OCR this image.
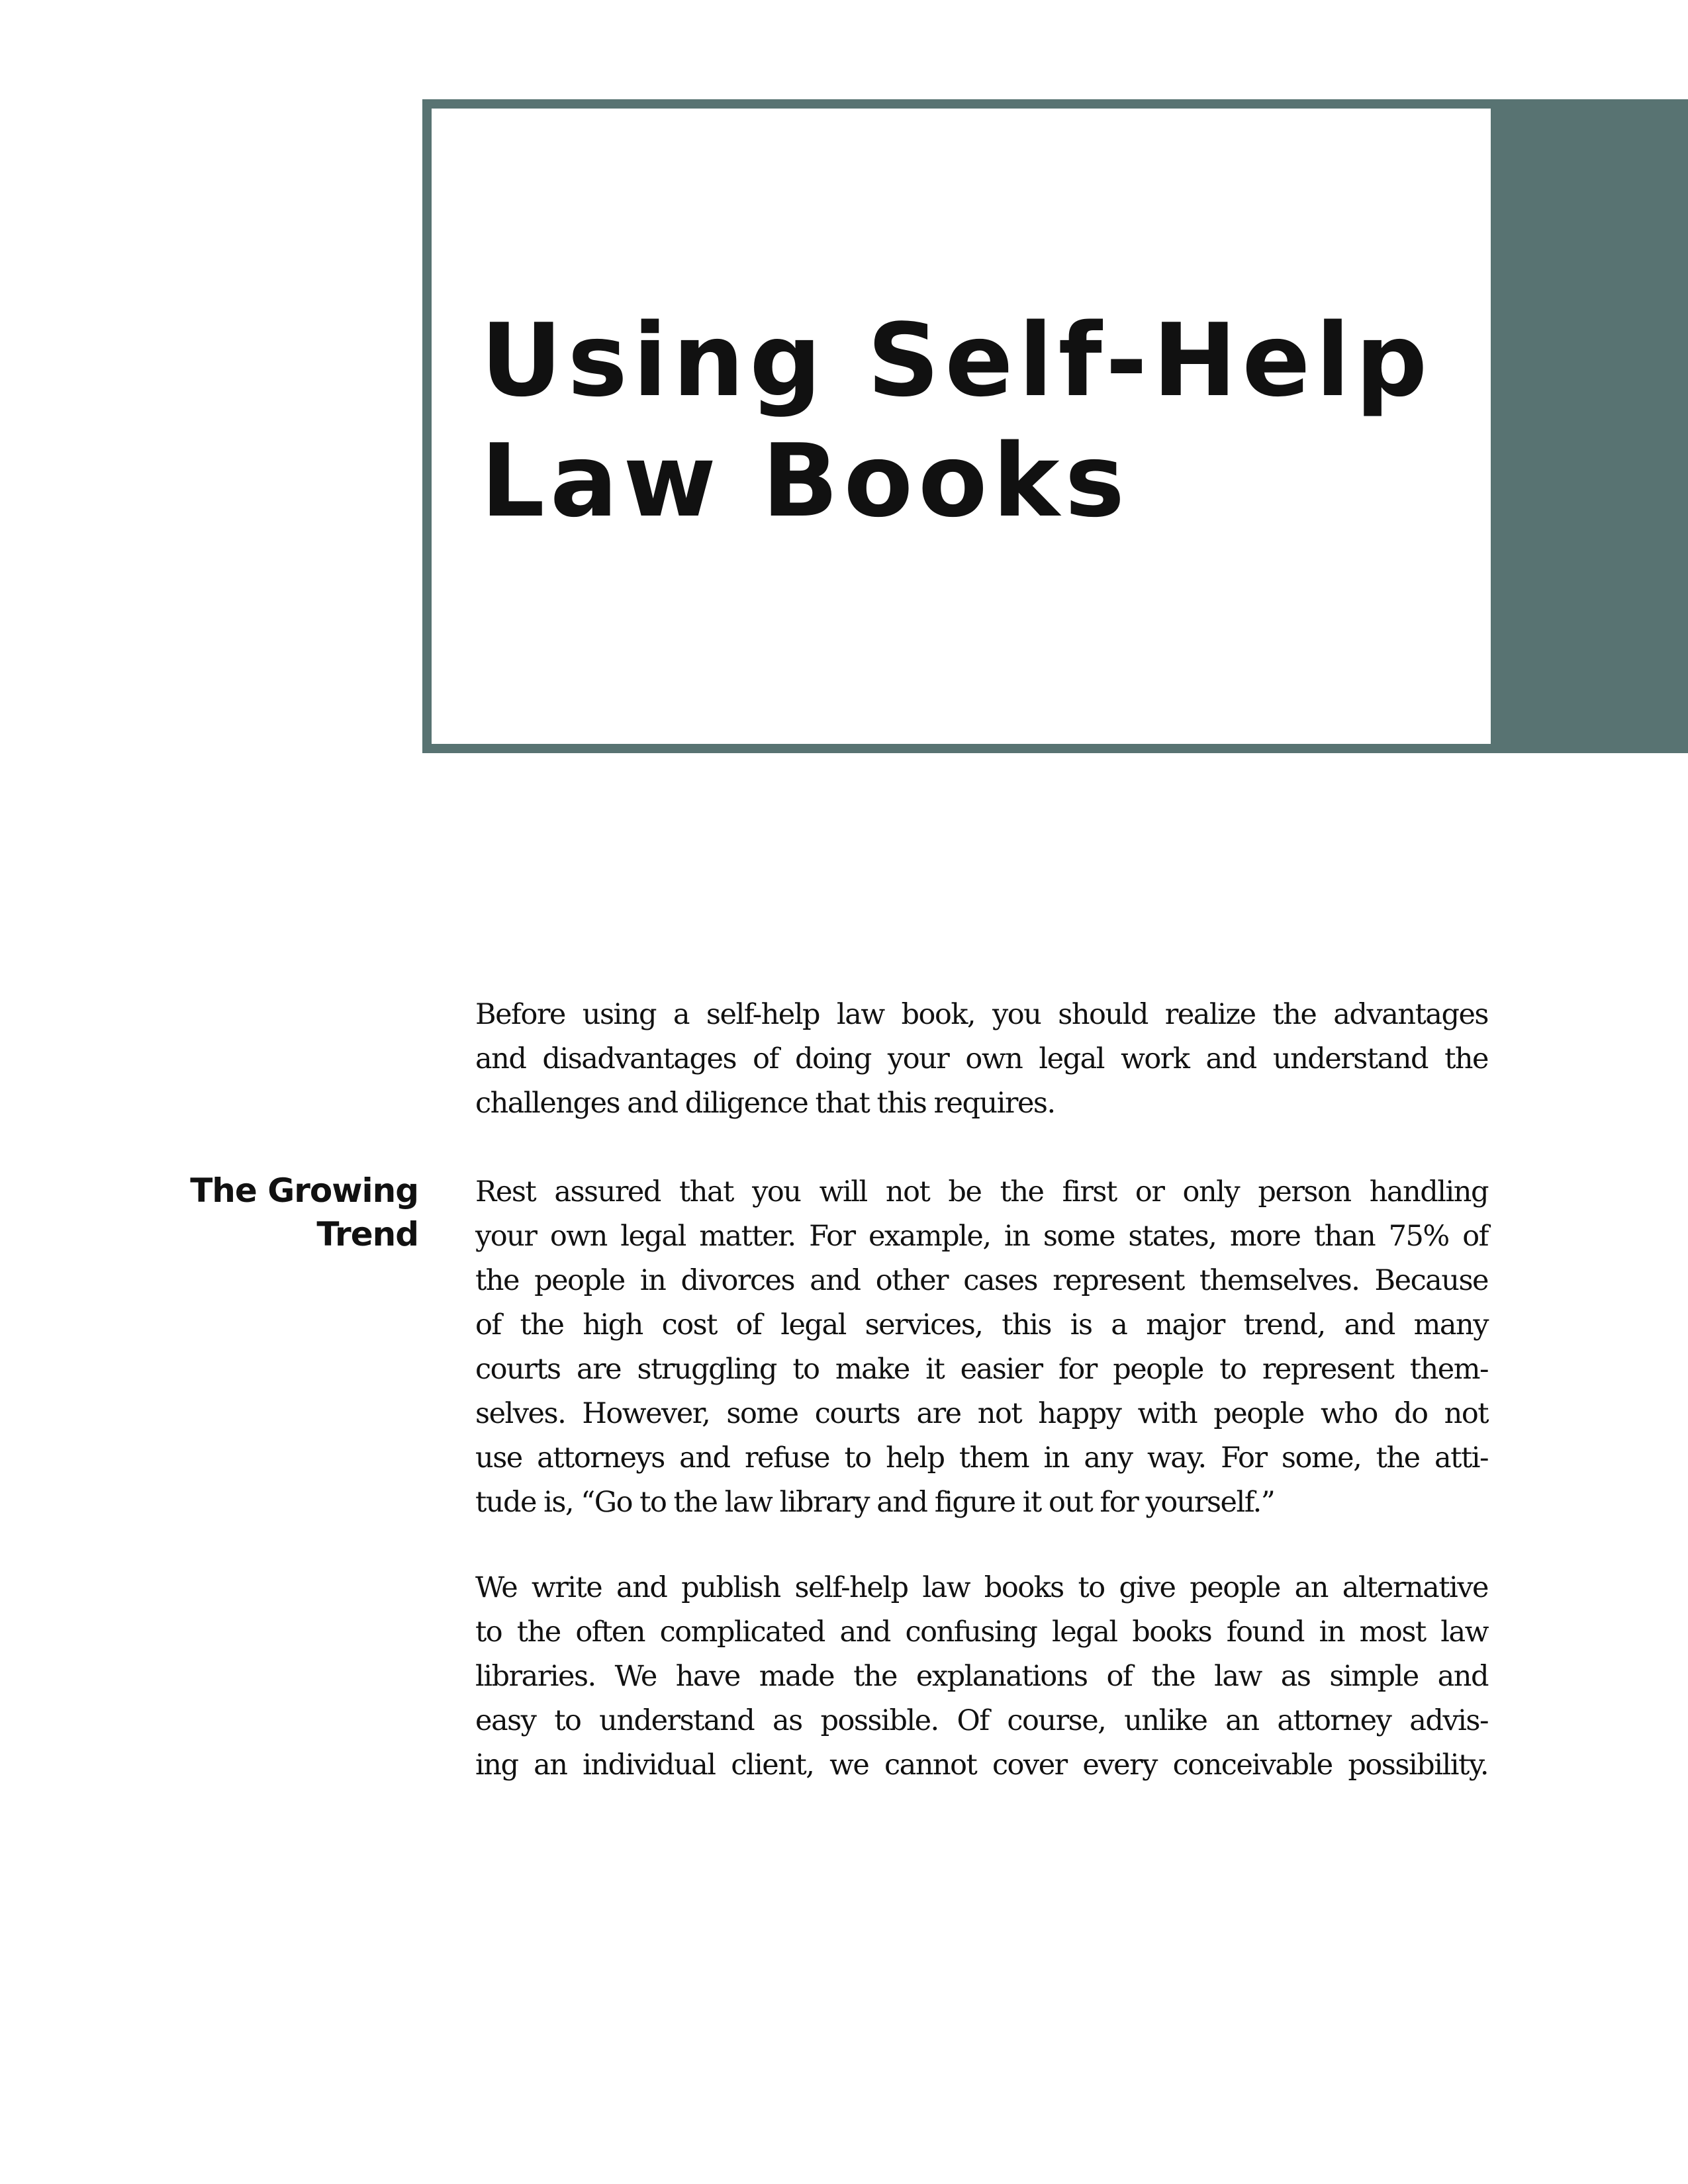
Using Self-Help
Law Books

Before using a self-help law book, you should realize the advantages
and disadvantages of doing your own legal work and understand the
challenges and diligence that this requires.

The Growing
Trend

Rest assured that you will not be the first or only person handling
your own legal matter. For example, in some states, more than 75% of
the people in divorces and other cases represent themselves. Because
of the high cost of legal services, this is a major trend, and many
courts are struggling to make it easier for people to represent them-
selves. However, some courts are not happy with people who do not
use attorneys and refuse to help them in any way. For some, the atti-
tude is, “Go to the law library and figure it out for yourself.”

We write and publish self-help law books to give people an alternative
to the often complicated and confusing legal books found in most law
libraries. We have made the explanations of the law as simple and
easy to understand as possible. Of course, unlike an attorney advis-
ing an individual client, we cannot cover every conceivable possibility.
